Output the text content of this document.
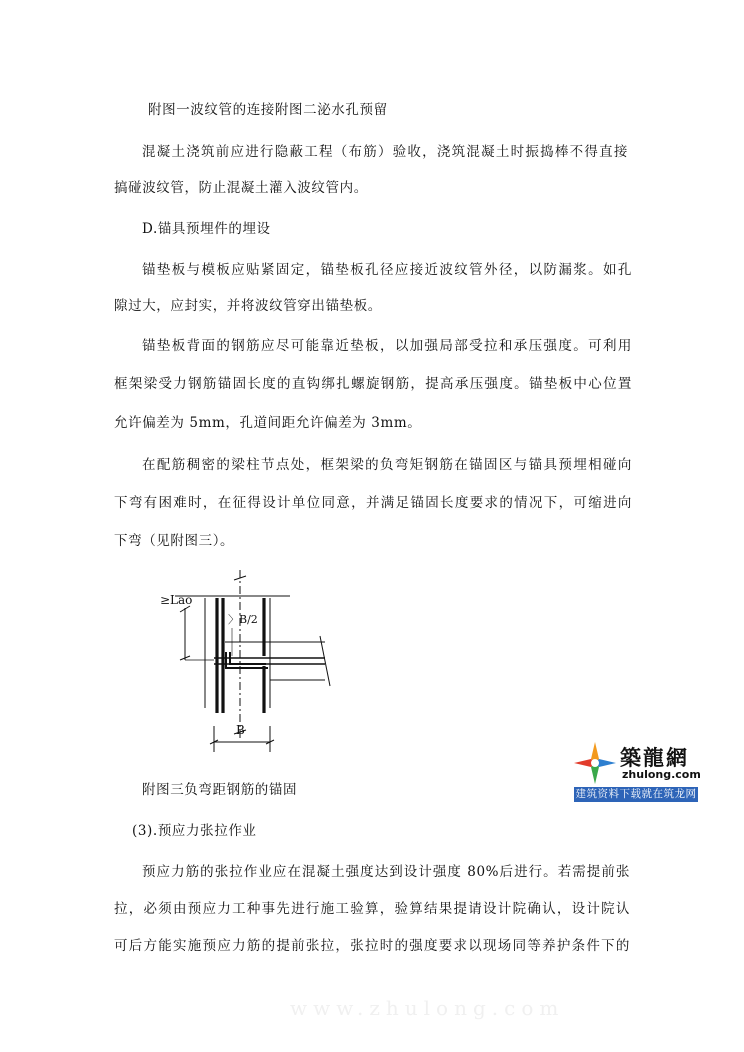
附图一波纹管的连接附图二泌水孔预留
混凝土浇筑前应进行隐蔽工程（布筋）验收，浇筑混凝土时振捣棒不得直接
搞碰波纹管，防止混凝土灌入波纹管内。
D.锚具预埋件的埋设
锚垫板与模板应贴紧固定，锚垫板孔径应接近波纹管外径，以防漏浆。如孔
隙过大，应封实，并将波纹管穿出锚垫板。
锚垫板背面的钢筋应尽可能靠近垫板，以加强局部受拉和承压强度。可利用
框架梁受力钢筋锚固长度的直钩绑扎螺旋钢筋，提高承压强度。锚垫板中心位置
允许偏差为 5mm，孔道间距允许偏差为 3mm。
在配筋稠密的梁柱节点处，框架梁的负弯矩钢筋在锚固区与锚具预埋相碰向
下弯有困难时，在征得设计单位同意，并满足锚固长度要求的情况下，可缩进向
下弯（见附图三）。
≥Lao
〉B/2
B
附图三负弯距钢筋的锚固
築龍網
zhulong.com
建筑资料下载就在筑龙网
(3).预应力张拉作业
预应力筋的张拉作业应在混凝土强度达到设计强度 80%后进行。若需提前张
拉，必须由预应力工种事先进行施工验算，验算结果提请设计院确认，设计院认
可后方能实施预应力筋的提前张拉，张拉时的强度要求以现场同等养护条件下的
www.zhulong.com
